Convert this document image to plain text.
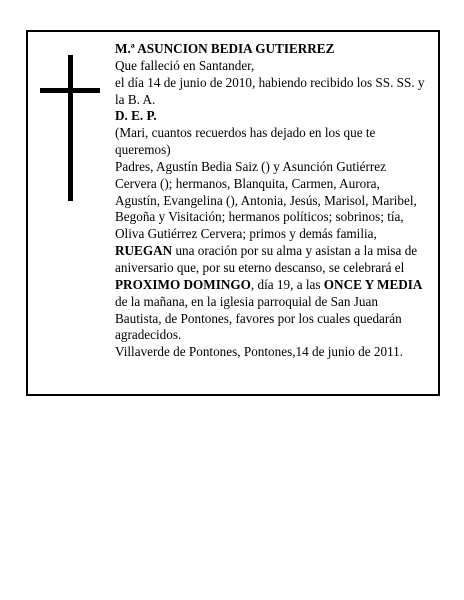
M.ª ASUNCION BEDIA GUTIERREZ

Que falleció en Santander,

el día 14 de junio de 2010, habiendo recibido los SS. SS. y la B. A.

D. E. P.

(Mari, cuantos recuerdos has dejado en los que te queremos)

Padres, Agustín Bedia Saiz () y Asunción Gutiérrez Cervera (); hermanos, Blanquita, Carmen, Aurora, Agustín, Evangelina (), Antonia, Jesús, Marisol, Maribel, Begoña y Visitación; hermanos políticos; sobrinos; tía, Oliva Gutiérrez Cervera; primos y demás familia,

RUEGAN una oración por su alma y asistan a la misa de aniversario que, por su eterno descanso, se celebrará el PROXIMO DOMINGO, día 19, a las ONCE Y MEDIA de la mañana, en la iglesia parroquial de San Juan Bautista, de Pontones, favores por los cuales quedarán agradecidos.

Villaverde de Pontones, Pontones,14 de junio de 2011.
